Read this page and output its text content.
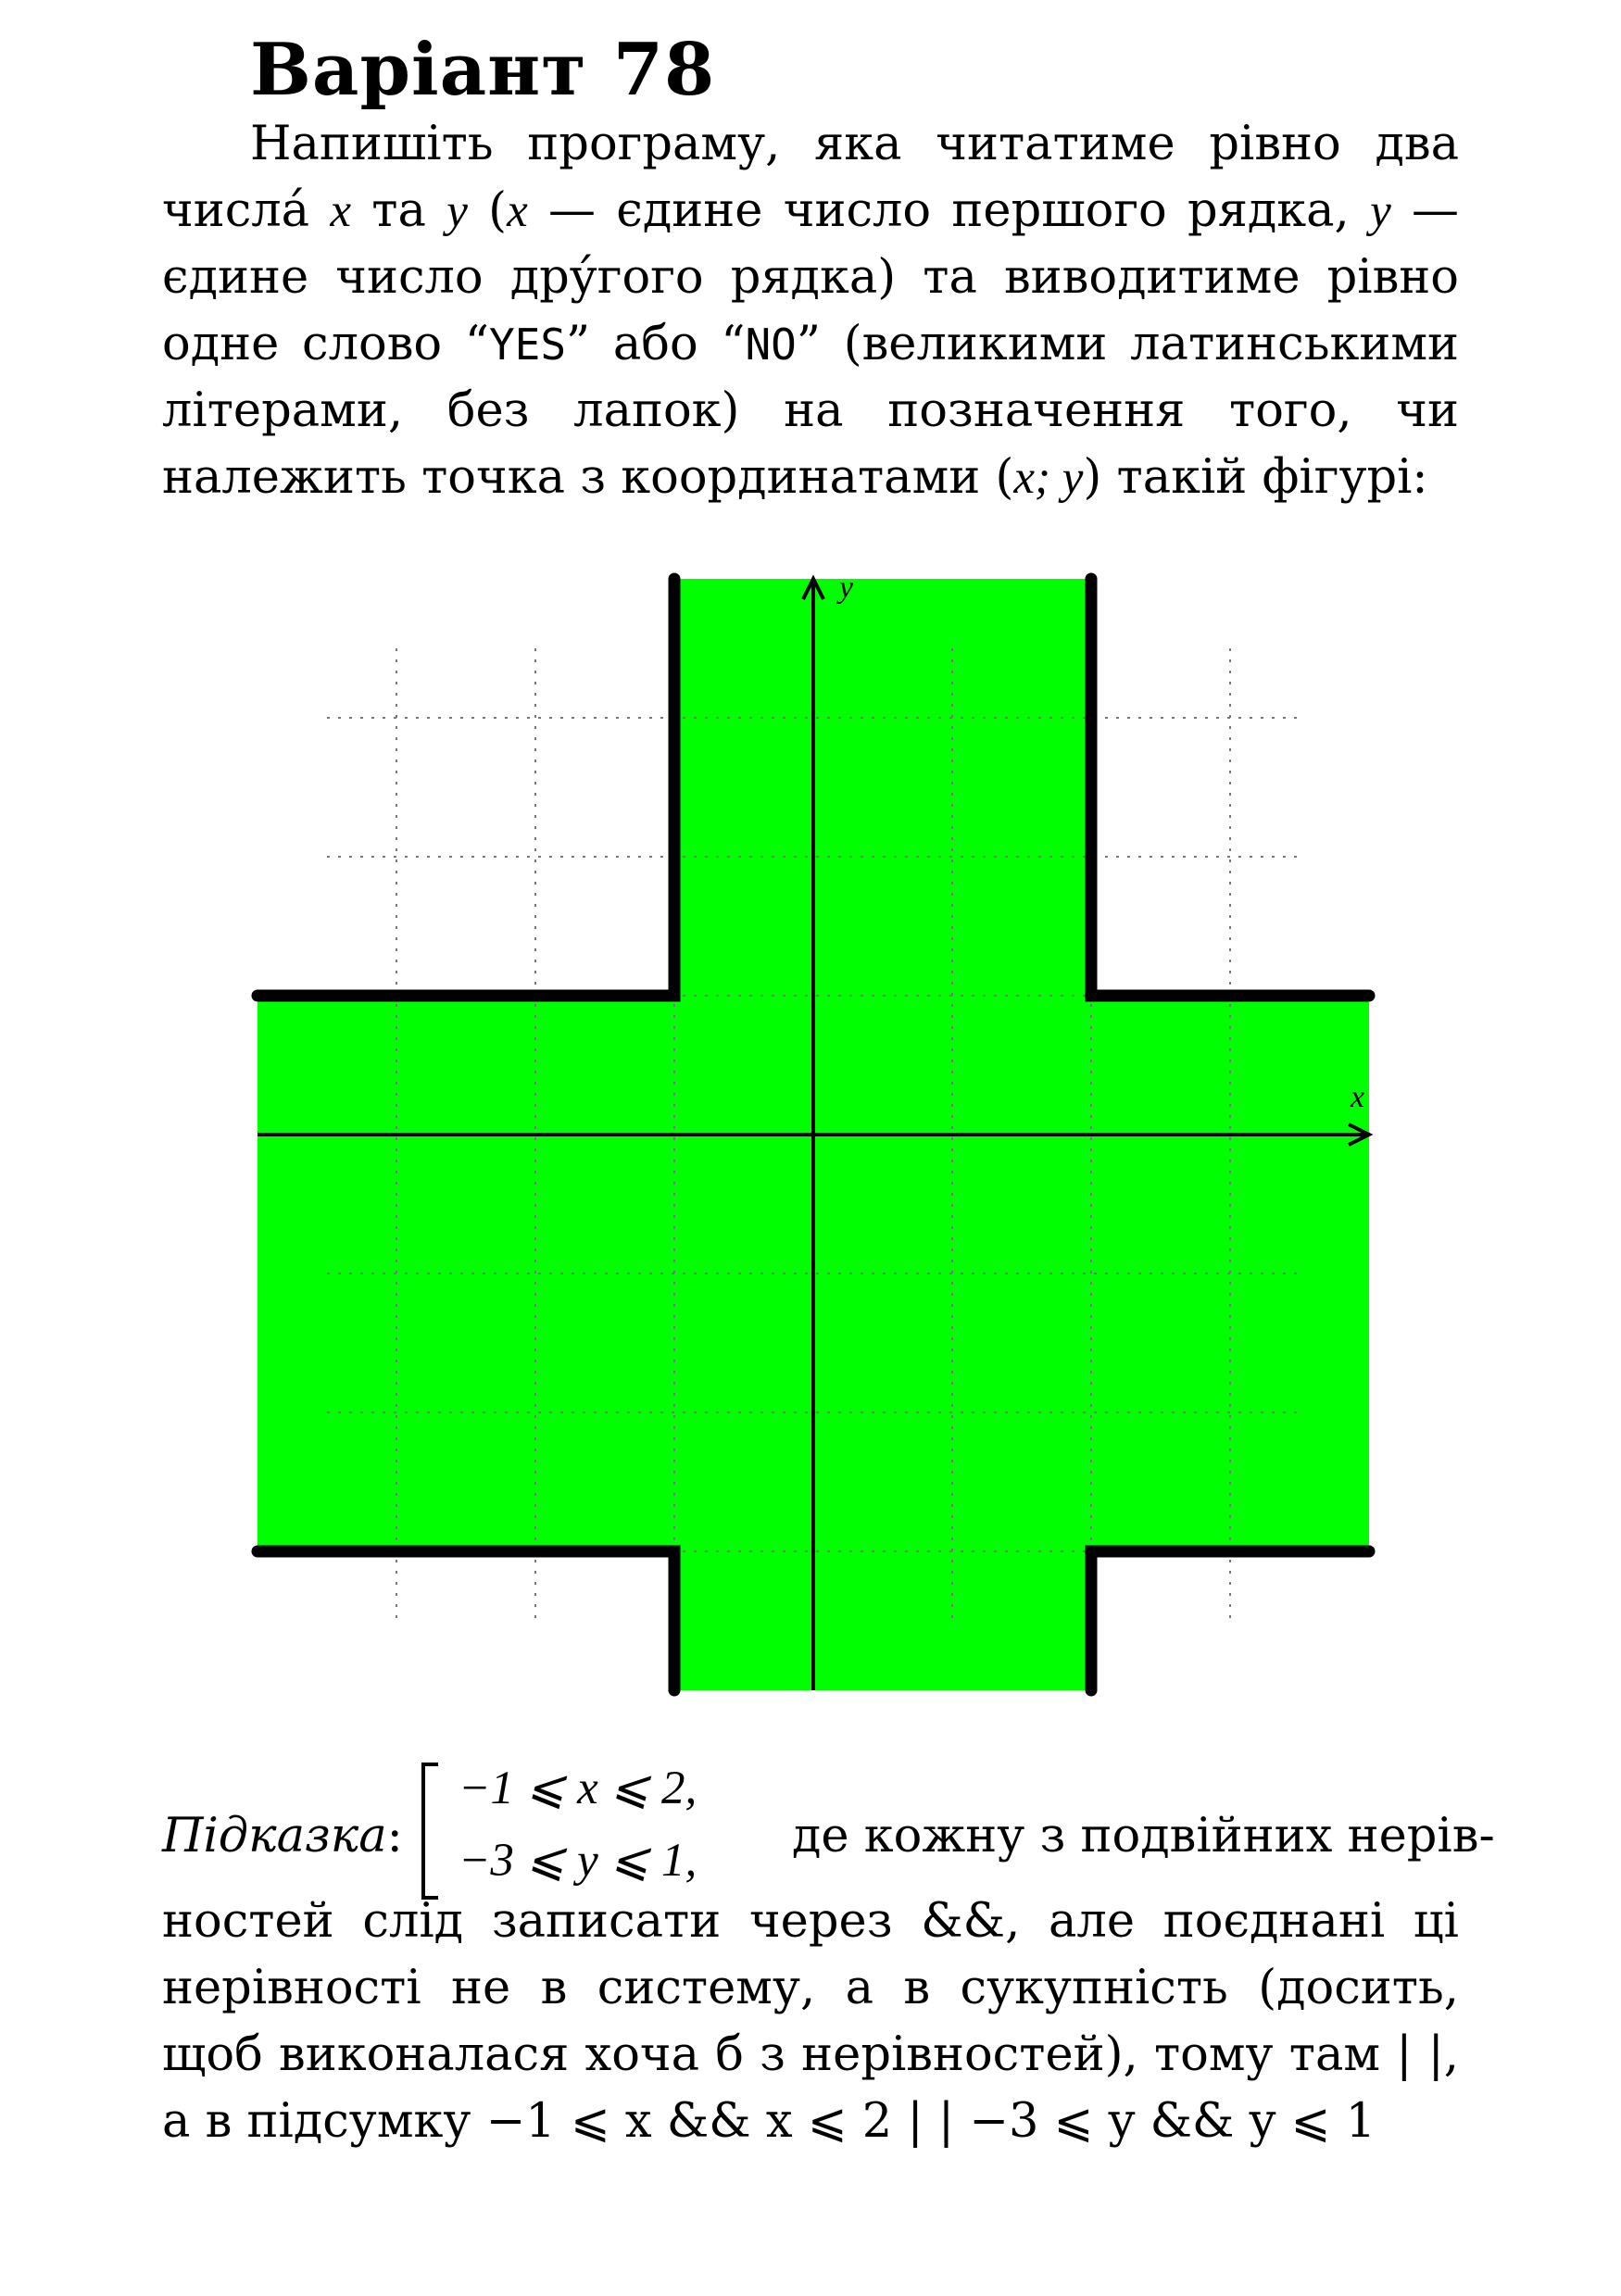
Варіант 78
Напишіть програму, яка читатиме рівно два числа́ x та y (x — єдине число першого рядка, y — єдине число дру́гого рядка) та виводитиме рівно одне слово “YES” або “NO” (великими латинськими літерами, без лапок) на позначення того, чи належить точка з координатами (x; y) такій фігурі:
x
y
Підказка:
−1 ⩽ x ⩽ 2,
−3 ⩽ y ⩽ 1, де кожну з подвійних нерів-
ностей слід записати через &&, але поєднані ці нерівності не в систему, а в сукупність (досить, щоб виконалася хоча б з нерівностей), тому там | |, а в підсумку −1 ⩽ x && x ⩽ 2 | | −3 ⩽ y && y ⩽ 1
